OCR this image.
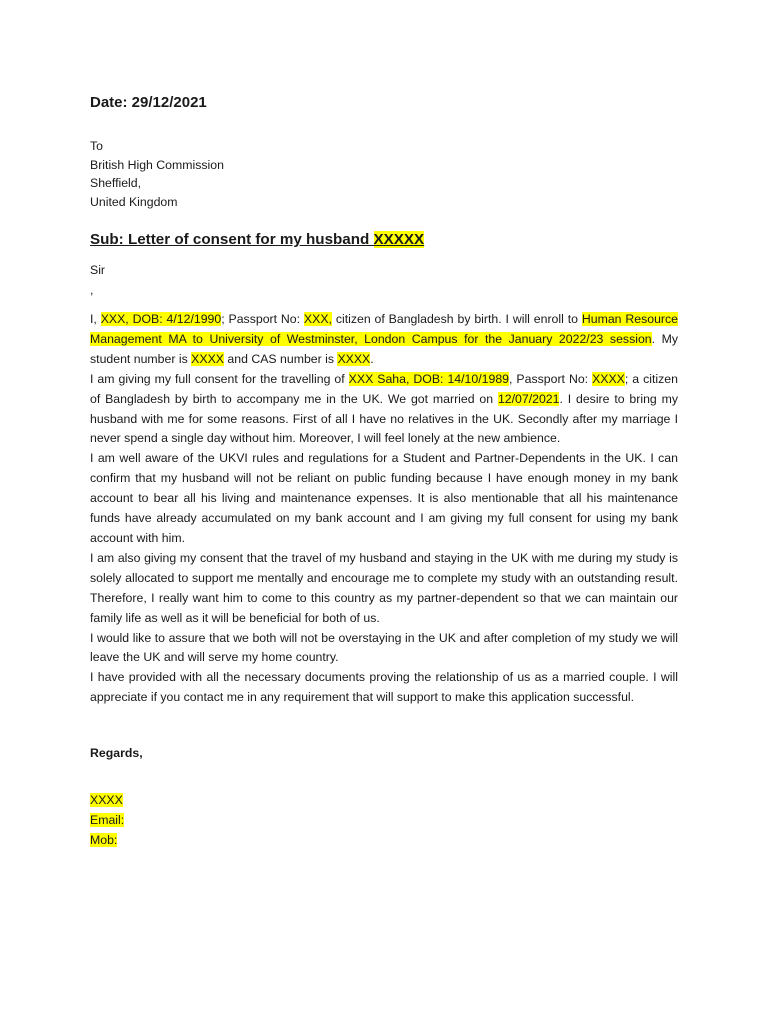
Date: 29/12/2021

To
British High Commission
Sheffield,
United Kingdom

Sub: Letter of consent for my husband XXXXX

Sir

,

I, XXX, DOB: 4/12/1990; Passport No: XXX, citizen of Bangladesh by birth. I will enroll to Human Resource Management MA to University of Westminster, London Campus for the January 2022/23 session. My student number is XXXX and CAS number is XXXX.

I am giving my full consent for the travelling of XXX Saha, DOB: 14/10/1989, Passport No: XXXX; a citizen of Bangladesh by birth to accompany me in the UK. We got married on 12/07/2021. I desire to bring my husband with me for some reasons. First of all I have no relatives in the UK. Secondly after my marriage I never spend a single day without him. Moreover, I will feel lonely at the new ambience.

I am well aware of the UKVI rules and regulations for a Student and Partner-Dependents in the UK. I can confirm that my husband will not be reliant on public funding because I have enough money in my bank account to bear all his living and maintenance expenses. It is also mentionable that all his maintenance funds have already accumulated on my bank account and I am giving my full consent for using my bank account with him.

I am also giving my consent that the travel of my husband and staying in the UK with me during my study is solely allocated to support me mentally and encourage me to complete my study with an outstanding result. Therefore, I really want him to come to this country as my partner-dependent so that we can maintain our family life as well as it will be beneficial for both of us.

I would like to assure that we both will not be overstaying in the UK and after completion of my study we will leave the UK and will serve my home country.

I have provided with all the necessary documents proving the relationship of us as a married couple. I will appreciate if you contact me in any requirement that will support to make this application successful.

Regards,

XXXX
Email:
Mob:
